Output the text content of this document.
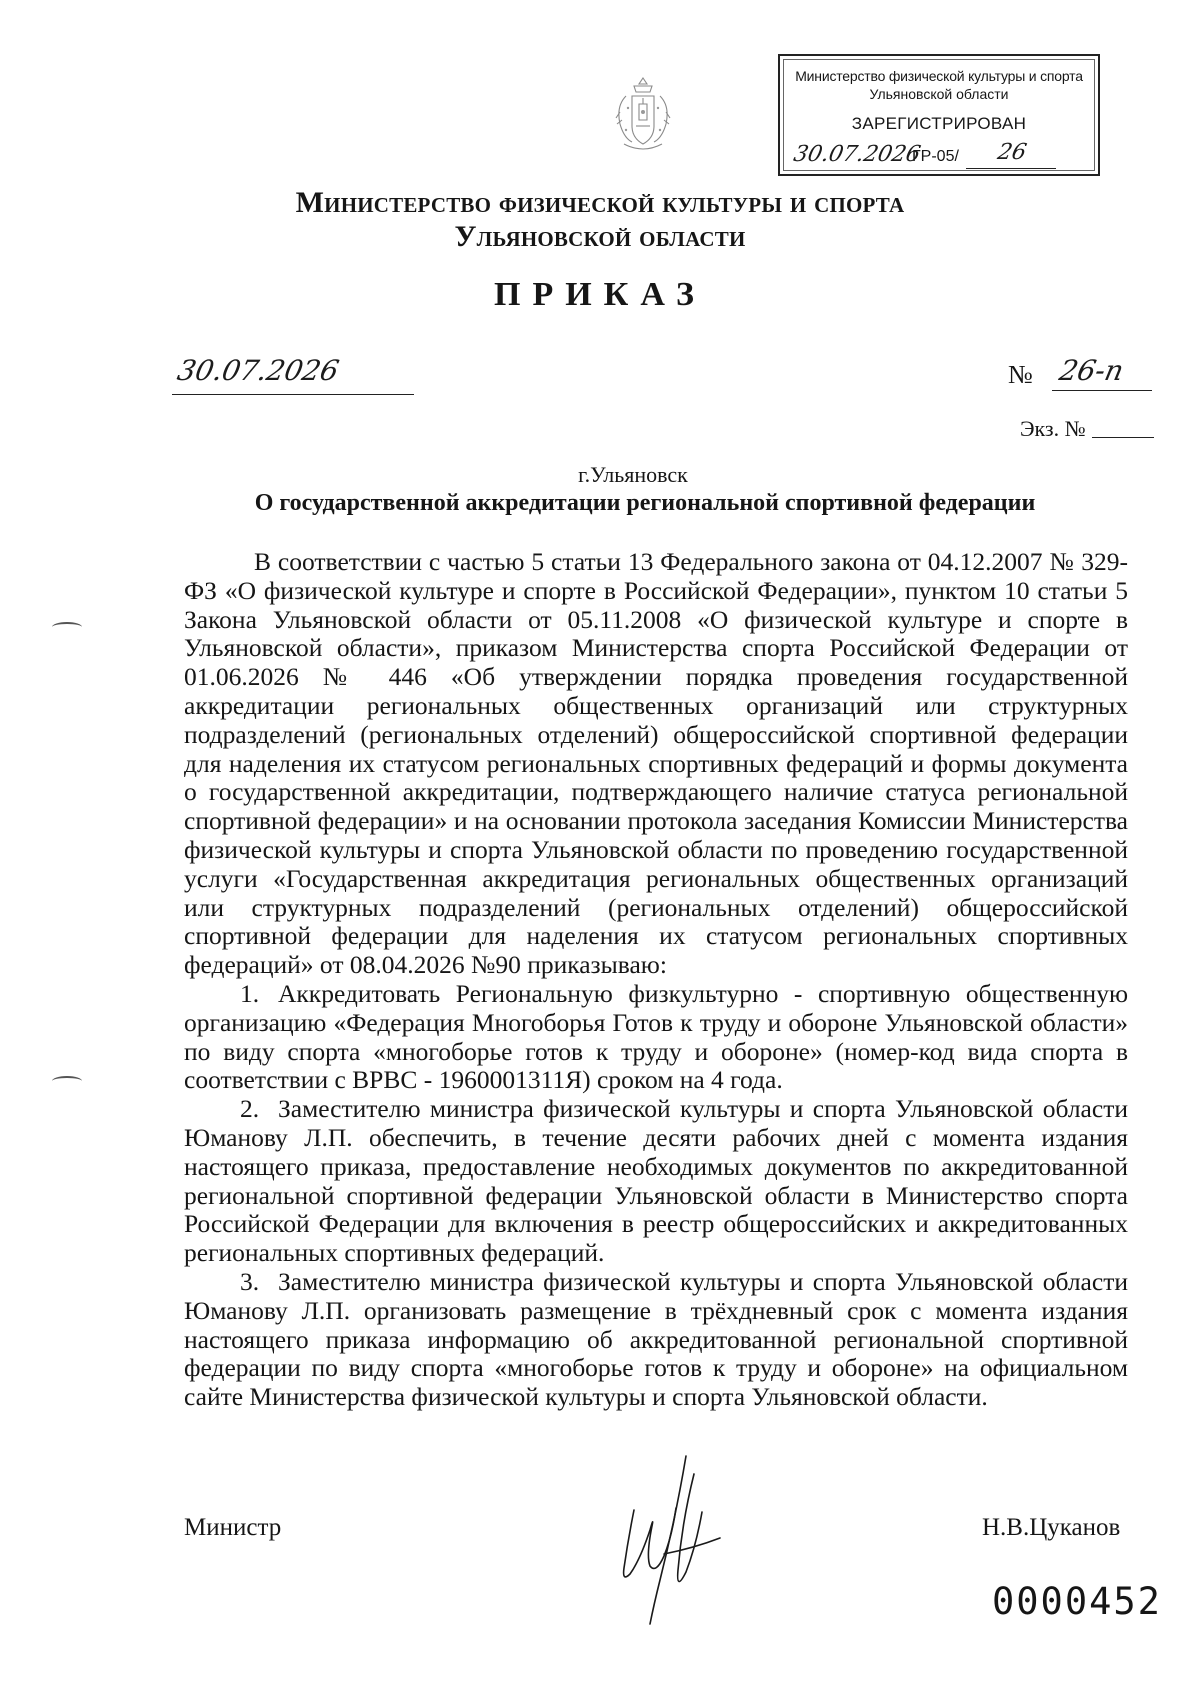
Министерство физической культуры и спорта
Ульяновской области
ЗАРЕГИСТРИРОВАН
30.07.2026
ГР-05/ 26
Министерство физической культуры и спорта
Ульяновской области
ПРИКАЗ
30.07.2026	№ 26-п
Экз. №
г.Ульяновск
О государственной аккредитации региональной спортивной федерации

В соответствии с частью 5 статьи 13 Федерального закона от 04.12.2007 № 329-ФЗ «О физической культуре и спорте в Российской Федерации», пунктом 10 статьи 5 Закона Ульяновской области от 05.11.2008 «О физической культуре и спорте в Ульяновской области», приказом Министерства спорта Российской Федерации от 01.06.2026 № 446 «Об утверждении порядка проведения государственной аккредитации региональных общественных организаций или структурных подразделений (региональных отделений) общероссийской спортивной федерации для наделения их статусом региональных спортивных федераций и формы документа о государственной аккредитации, подтверждающего наличие статуса региональной спортивной федерации» и на основании протокола заседания Комиссии Министерства физической культуры и спорта Ульяновской области по проведению государственной услуги «Государственная аккредитация региональных общественных организаций или структурных подразделений (региональных отделений) общероссийской спортивной федерации для наделения их статусом региональных спортивных федераций» от 08.04.2026 №90 приказываю:

1. Аккредитовать Региональную физкультурно - спортивную общественную организацию «Федерация Многоборья Готов к труду и обороне Ульяновской области» по виду спорта «многоборье готов к труду и обороне» (номер-код вида спорта в соответствии с ВРВС - 1960001311Я) сроком на 4 года.
2. Заместителю министра физической культуры и спорта Ульяновской области Юманову Л.П. обеспечить, в течение десяти рабочих дней с момента издания настоящего приказа, предоставление необходимых документов по аккредитованной региональной спортивной федерации Ульяновской области в Министерство спорта Российской Федерации для включения в реестр общероссийских и аккредитованных региональных спортивных федераций.
3. Заместителю министра физической культуры и спорта Ульяновской области Юманову Л.П. организовать размещение в трёхдневный срок с момента издания настоящего приказа информацию об аккредитованной региональной спортивной федерации по виду спорта «многоборье готов к труду и обороне» на официальном сайте Министерства физической культуры и спорта Ульяновской области.
Министр	Н.В.Цуканов
0000452
